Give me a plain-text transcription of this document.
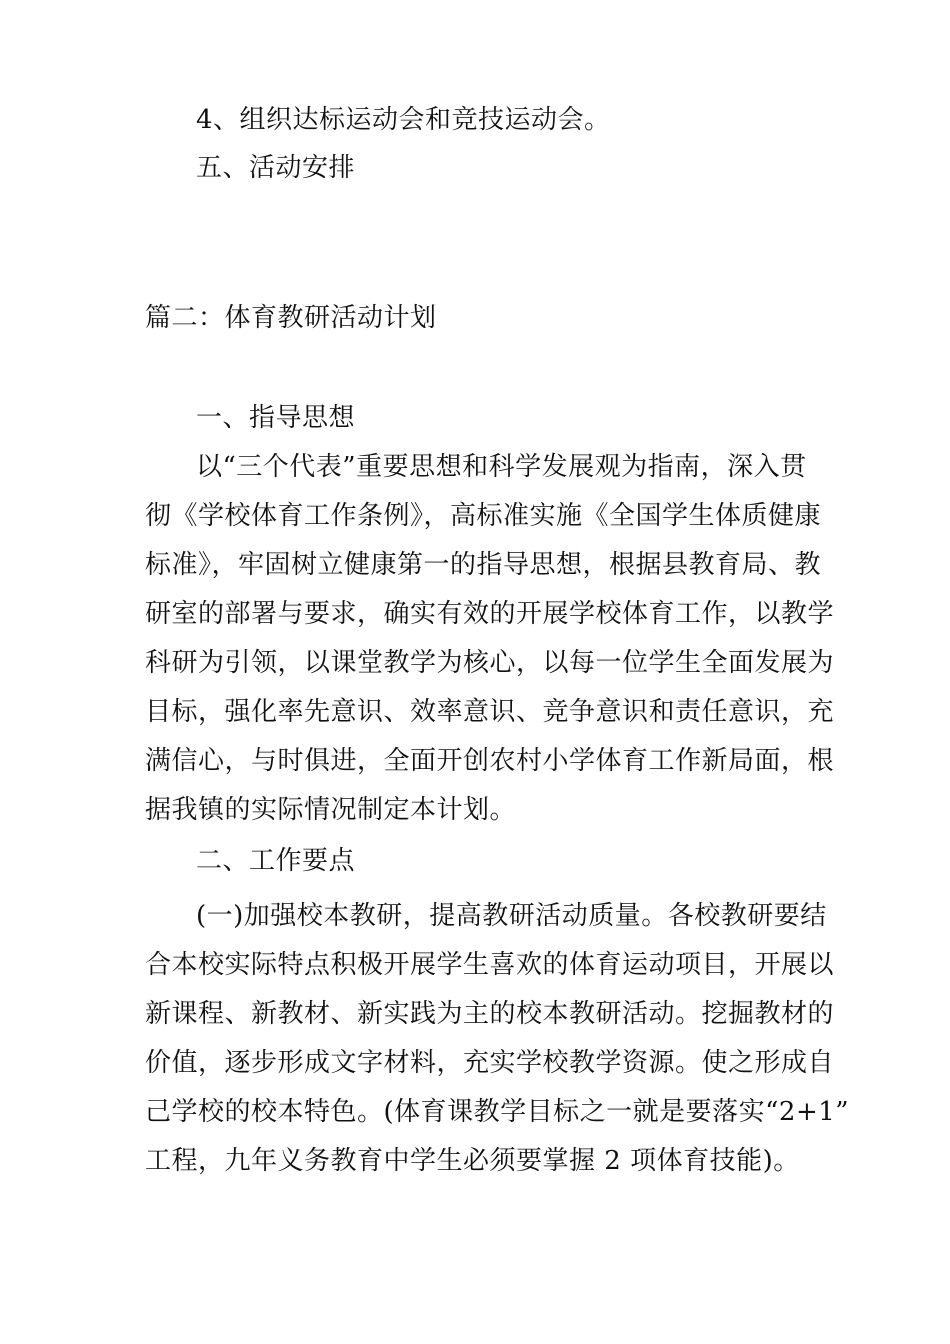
4、组织达标运动会和竞技运动会。
五、活动安排
篇二：体育教研活动计划
一、指导思想
以“三个代表”重要思想和科学发展观为指南，深入贯
彻《学校体育工作条例》，高标准实施《全国学生体质健康
标准》，牢固树立健康第一的指导思想，根据县教育局、教
研室的部署与要求，确实有效的开展学校体育工作，以教学
科研为引领，以课堂教学为核心，以每一位学生全面发展为
目标，强化率先意识、效率意识、竞争意识和责任意识，充
满信心，与时俱进，全面开创农村小学体育工作新局面，根
据我镇的实际情况制定本计划。
二、工作要点
(一)加强校本教研，提高教研活动质量。各校教研要结
合本校实际特点积极开展学生喜欢的体育运动项目，开展以
新课程、新教材、新实践为主的校本教研活动。挖掘教材的
价值，逐步形成文字材料，充实学校教学资源。使之形成自
己学校的校本特色。(体育课教学目标之一就是要落实“2+1”
工程，九年义务教育中学生必须要掌握 2 项体育技能)。
